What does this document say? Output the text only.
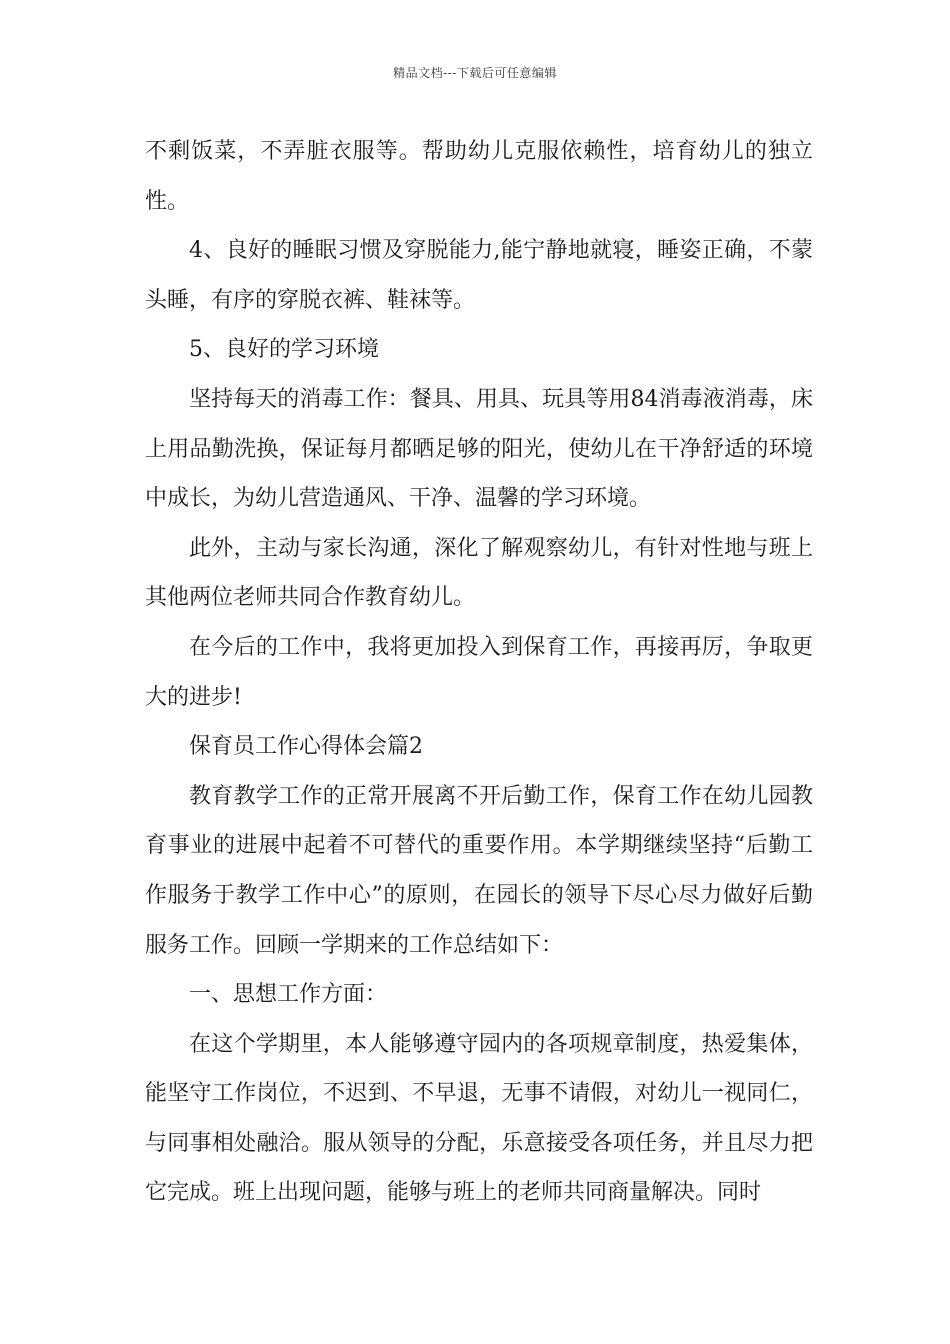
精品文档---下载后可任意编辑

不剩饭菜，不弄脏衣服等。帮助幼儿克服依赖性，培育幼儿的独立性。

4、良好的睡眠习惯及穿脱能力,能宁静地就寝，睡姿正确，不蒙头睡，有序的穿脱衣裤、鞋袜等。

5、良好的学习环境

坚持每天的消毒工作：餐具、用具、玩具等用84消毒液消毒，床上用品勤洗换，保证每月都晒足够的阳光，使幼儿在干净舒适的环境中成长，为幼儿营造通风、干净、温馨的学习环境。

此外，主动与家长沟通，深化了解观察幼儿，有针对性地与班上其他两位老师共同合作教育幼儿。

在今后的工作中，我将更加投入到保育工作，再接再厉，争取更大的进步!

保育员工作心得体会篇2

教育教学工作的正常开展离不开后勤工作，保育工作在幼儿园教育事业的进展中起着不可替代的重要作用。本学期继续坚持“后勤工作服务于教学工作中心”的原则，在园长的领导下尽心尽力做好后勤服务工作。回顾一学期来的工作总结如下：

一、思想工作方面：

在这个学期里，本人能够遵守园内的各项规章制度，热爱集体，能坚守工作岗位，不迟到、不早退，无事不请假，对幼儿一视同仁，与同事相处融洽。服从领导的分配，乐意接受各项任务，并且尽力把它完成。班上出现问题，能够与班上的老师共同商量解决。同时
